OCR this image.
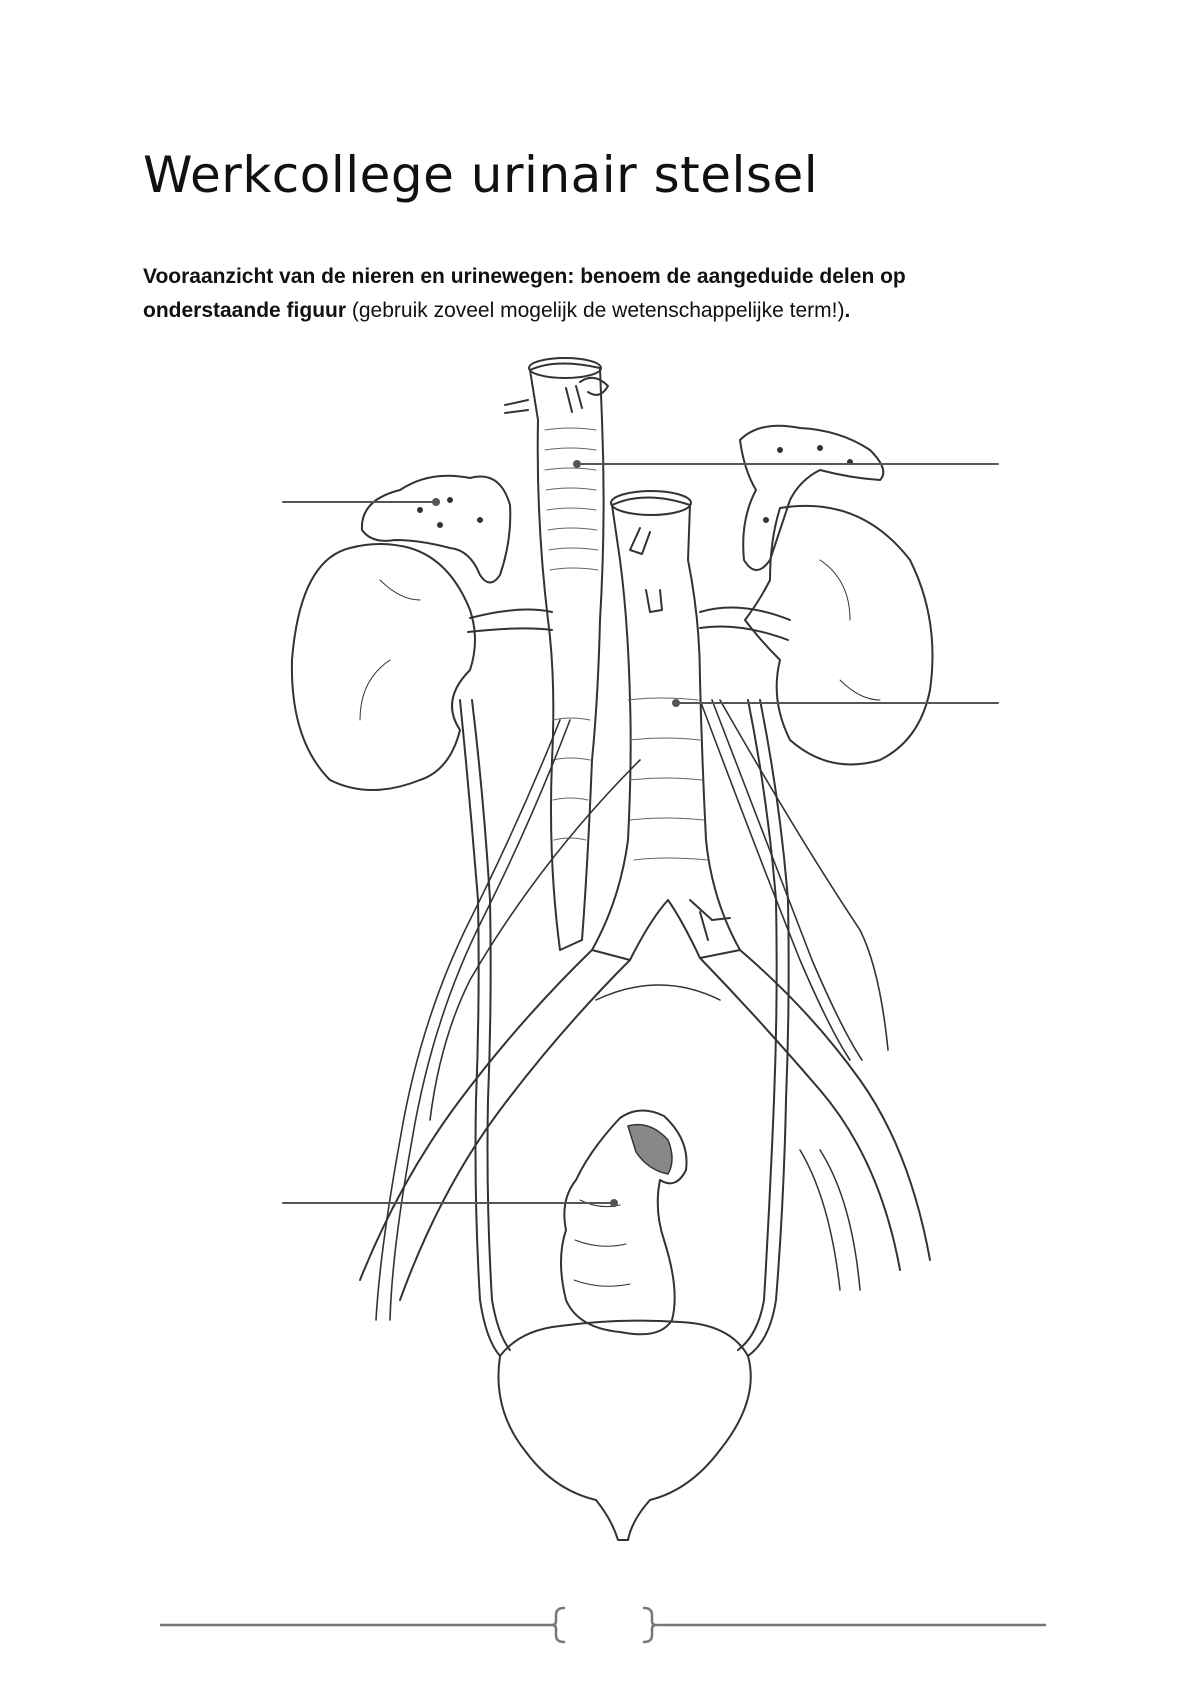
Werkcollege urinair stelsel

Vooraanzicht van de nieren en urinewegen: benoem de aangeduide delen op
onderstaande figuur (gebruik zoveel mogelijk de wetenschappelijke term!).
